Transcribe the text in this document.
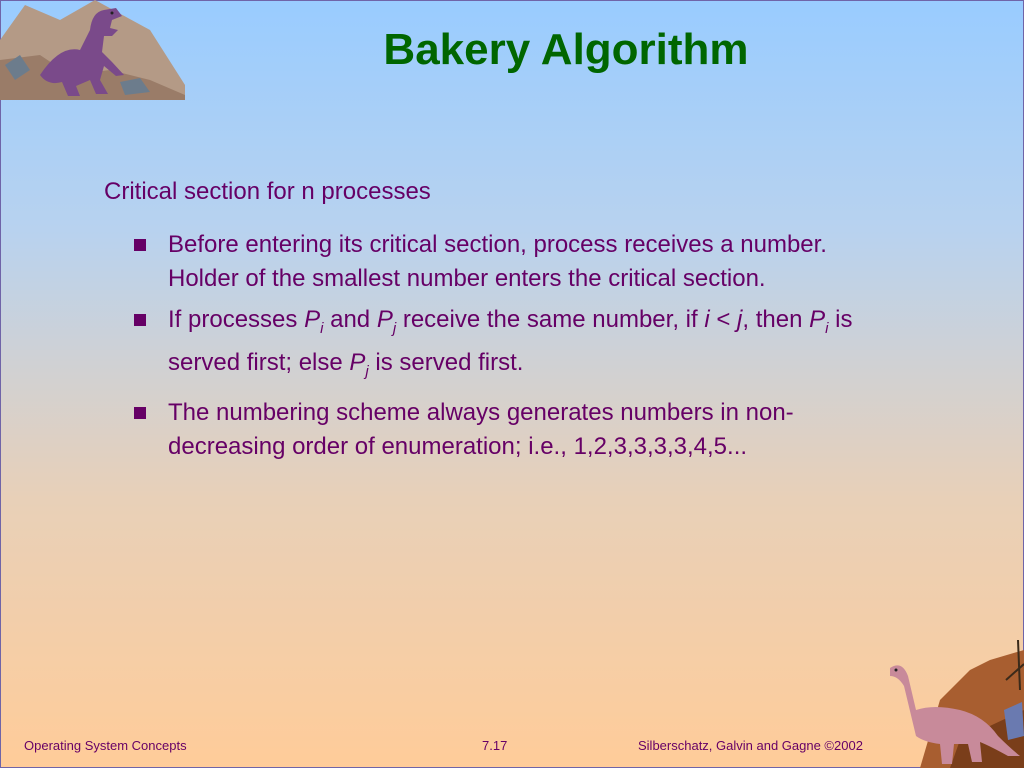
Bakery Algorithm
Critical section for n processes
Before entering its critical section, process receives a number. Holder of the smallest number enters the critical section.
If processes $P_i$ and $P_j$ receive the same number, if i < j, then $P_i$ is served first; else $P_j$ is served first.
The numbering scheme always generates numbers in non-decreasing order of enumeration; i.e., 1,2,3,3,3,3,4,5...
Operating System Concepts	7.17	Silberschatz, Galvin and Gagne ©2002
